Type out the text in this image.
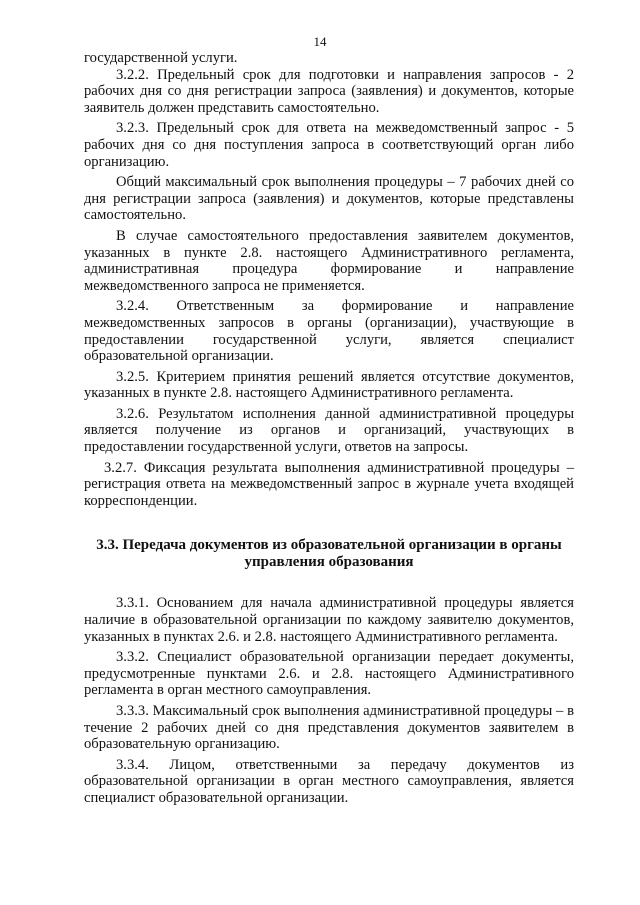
14

государственной услуги.

3.2.2. Предельный срок для подготовки и направления запросов - 2 рабочих дня со дня регистрации запроса (заявления) и документов, которые заявитель должен представить самостоятельно.

3.2.3. Предельный срок для ответа на межведомственный запрос - 5 рабочих дня со дня поступления запроса в соответствующий орган либо организацию.

Общий максимальный срок выполнения процедуры – 7 рабочих дней со дня регистрации запроса (заявления) и документов, которые представлены самостоятельно.

В случае самостоятельного предоставления заявителем документов, указанных в пункте 2.8. настоящего Административного регламента, административная процедура формирование и направление межведомственного запроса не применяется.

3.2.4. Ответственным за формирование и направление межведомственных запросов в органы (организации), участвующие в предоставлении государственной услуги, является специалист образовательной организации.

3.2.5. Критерием принятия решений является отсутствие документов, указанных в пункте 2.8. настоящего Административного регламента.

3.2.6. Результатом исполнения данной административной процедуры является получение из органов и организаций, участвующих в предоставлении государственной услуги, ответов на запросы.

3.2.7. Фиксация результата выполнения административной процедуры – регистрация ответа на межведомственный запрос в журнале учета входящей корреспонденции.

3.3. Передача документов из образовательной организации в органы управления образования

3.3.1. Основанием для начала административной процедуры является наличие в образовательной организации по каждому заявителю документов, указанных в пунктах 2.6. и 2.8. настоящего Административного регламента.

3.3.2. Специалист образовательной организации передает документы, предусмотренные пунктами 2.6. и 2.8. настоящего Административного регламента в орган местного самоуправления.

3.3.3. Максимальный срок выполнения административной процедуры – в течение 2 рабочих дней со дня представления документов заявителем в образовательную организацию.

3.3.4. Лицом, ответственными за передачу документов из образовательной организации в орган местного самоуправления, является специалист образовательной организации.
